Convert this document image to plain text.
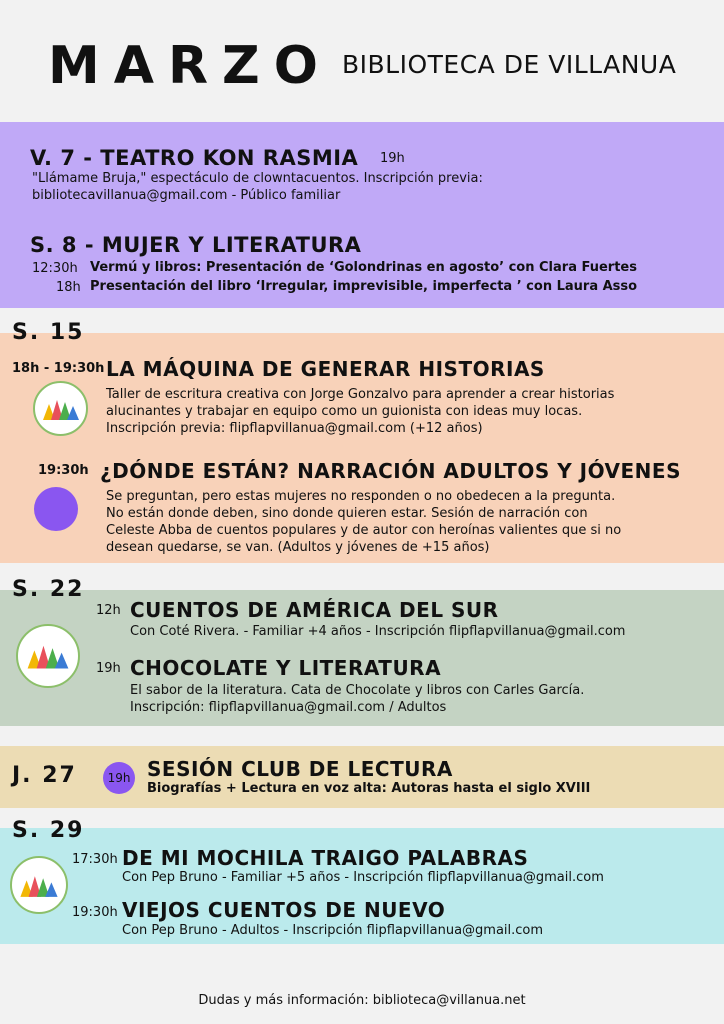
MARZO BIBLIOTECA DE VILLANUA
V. 7 - TEATRO KON RASMIA 19h
"Llámame Bruja," espectáculo de clowntacuentos. Inscripción previa:
bibliotecavillanua@gmail.com - Público familiar
S. 8 - MUJER Y LITERATURA
12:30h Vermú y libros: Presentación de ‘Golondrinas en agosto’ con Clara Fuertes
18h Presentación del libro ‘Irregular, imprevisible, imperfecta ’ con Laura Asso
S. 15
18h - 19:30h LA MÁQUINA DE GENERAR HISTORIAS
Taller de escritura creativa con Jorge Gonzalvo para aprender a crear historias
alucinantes y trabajar en equipo como un guionista con ideas muy locas.
Inscripción previa: flipflapvillanua@gmail.com (+12 años)
19:30h ¿DÓNDE ESTÁN? NARRACIÓN ADULTOS Y JÓVENES
Se preguntan, pero estas mujeres no responden o no obedecen a la pregunta.
No están donde deben, sino donde quieren estar. Sesión de narración con
Celeste Abba de cuentos populares y de autor con heroínas valientes que si no
desean quedarse, se van. (Adultos y jóvenes de +15 años)
S. 22
12h CUENTOS DE AMÉRICA DEL SUR
Con Coté Rivera. - Familiar +4 años - Inscripción flipflapvillanua@gmail.com
19h CHOCOLATE Y LITERATURA
El sabor de la literatura. Cata de Chocolate y libros con Carles García.
Inscripción: flipflapvillanua@gmail.com / Adultos
J. 27	19h SESIÓN CLUB DE LECTURA
Biografías + Lectura en voz alta: Autoras hasta el siglo XVIII
S. 29
17:30h DE MI MOCHILA TRAIGO PALABRAS
Con Pep Bruno - Familiar +5 años - Inscripción flipflapvillanua@gmail.com
19:30h VIEJOS CUENTOS DE NUEVO
Con Pep Bruno - Adultos - Inscripción flipflapvillanua@gmail.com
Dudas y más información: biblioteca@villanua.net
